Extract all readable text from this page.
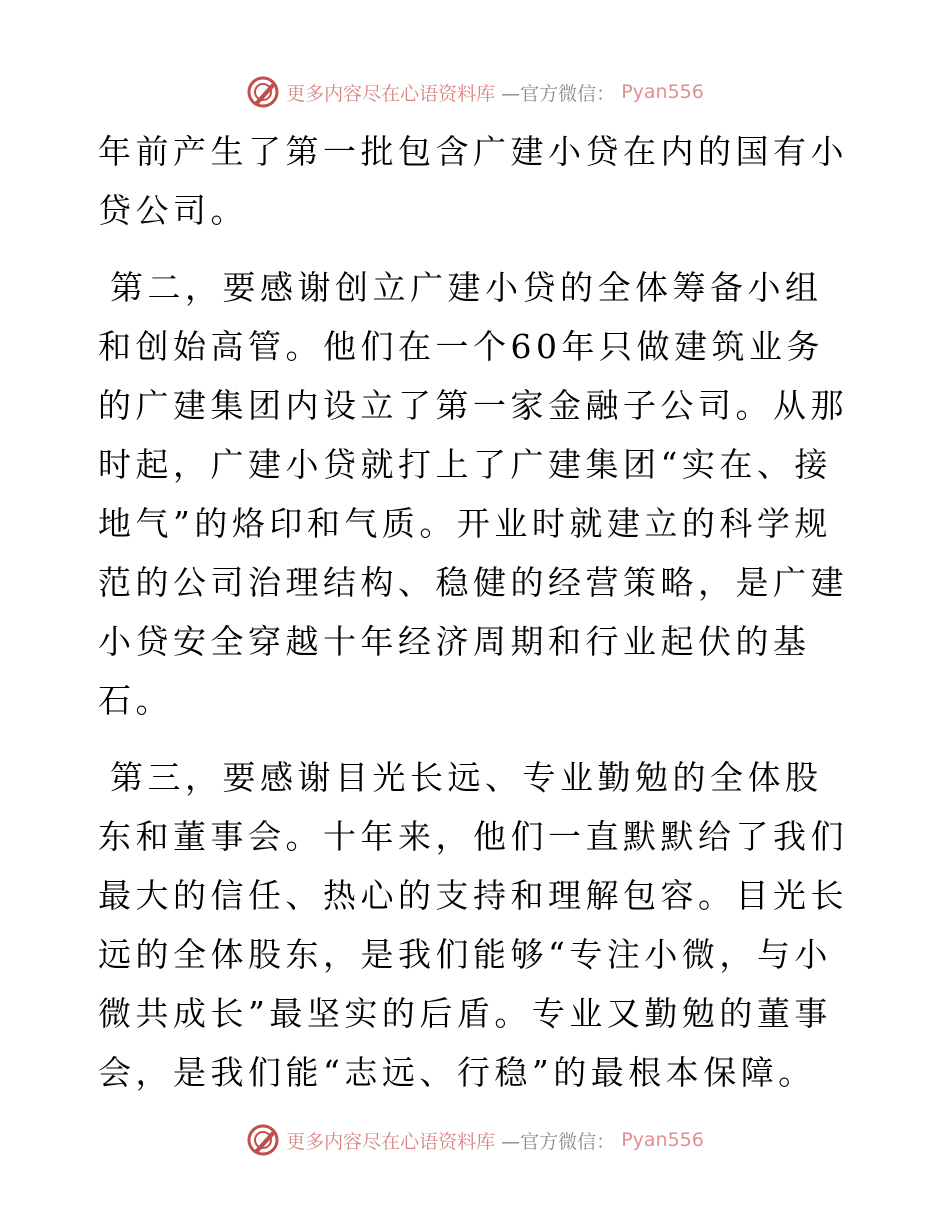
更多内容尽在心语资料库 —官方微信： Pyan556

年前产生了第一批包含广建小贷在内的国有小贷公司。

第二，要感谢创立广建小贷的全体筹备小组和创始高管。他们在一个60年只做建筑业务的广建集团内设立了第一家金融子公司。从那时起，广建小贷就打上了广建集团“实在、接地气”的烙印和气质。开业时就建立的科学规范的公司治理结构、稳健的经营策略，是广建小贷安全穿越十年经济周期和行业起伏的基石。

第三，要感谢目光长远、专业勤勉的全体股东和董事会。十年来，他们一直默默给了我们最大的信任、热心的支持和理解包容。目光长远的全体股东，是我们能够“专注小微，与小微共成长”最坚实的后盾。专业又勤勉的董事会，是我们能“志远、行稳”的最根本保障。

更多内容尽在心语资料库 —官方微信： Pyan556
